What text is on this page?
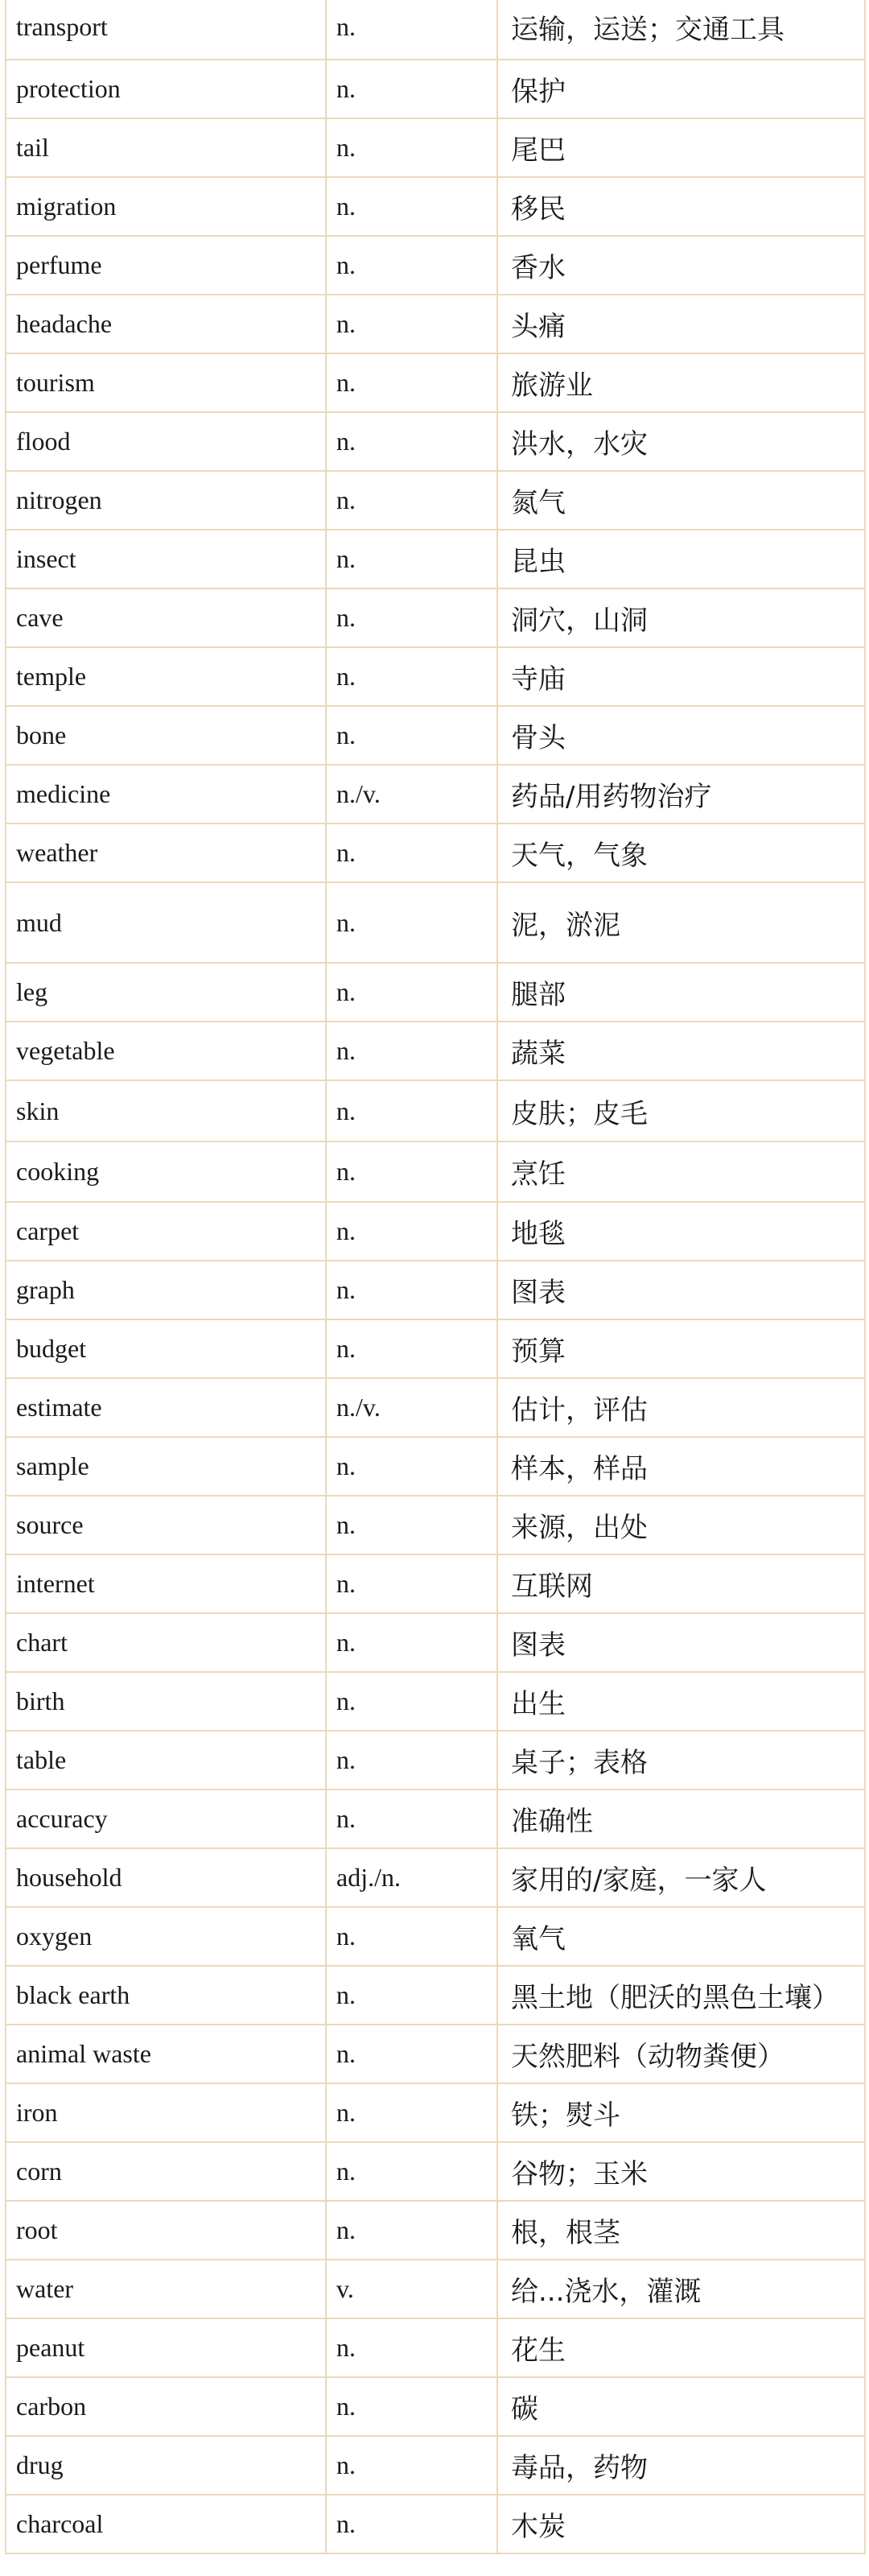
transport	n.	运输，运送；交通工具
protection	n.	保护
tail	n.	尾巴
migration	n.	移民
perfume	n.	香水
headache	n.	头痛
tourism	n.	旅游业
flood	n.	洪水，水灾
nitrogen	n.	氮气
insect	n.	昆虫
cave	n.	洞穴，山洞
temple	n.	寺庙
bone	n.	骨头
medicine	n./v.	药品/用药物治疗
weather	n.	天气，气象
mud	n.	泥，淤泥
leg	n.	腿部
vegetable	n.	蔬菜
skin	n.	皮肤；皮毛
cooking	n.	烹饪
carpet	n.	地毯
graph	n.	图表
budget	n.	预算
estimate	n./v.	估计，评估
sample	n.	样本，样品
source	n.	来源，出处
internet	n.	互联网
chart	n.	图表
birth	n.	出生
table	n.	桌子；表格
accuracy	n.	准确性
household	adj./n.	家用的/家庭，一家人
oxygen	n.	氧气
black earth	n.	黑土地（肥沃的黑色土壤）
animal waste	n.	天然肥料（动物粪便）
iron	n.	铁；熨斗
corn	n.	谷物；玉米
root	n.	根，根茎
water	v.	给...浇水，灌溉
peanut	n.	花生
carbon	n.	碳
drug	n.	毒品，药物
charcoal	n.	木炭
